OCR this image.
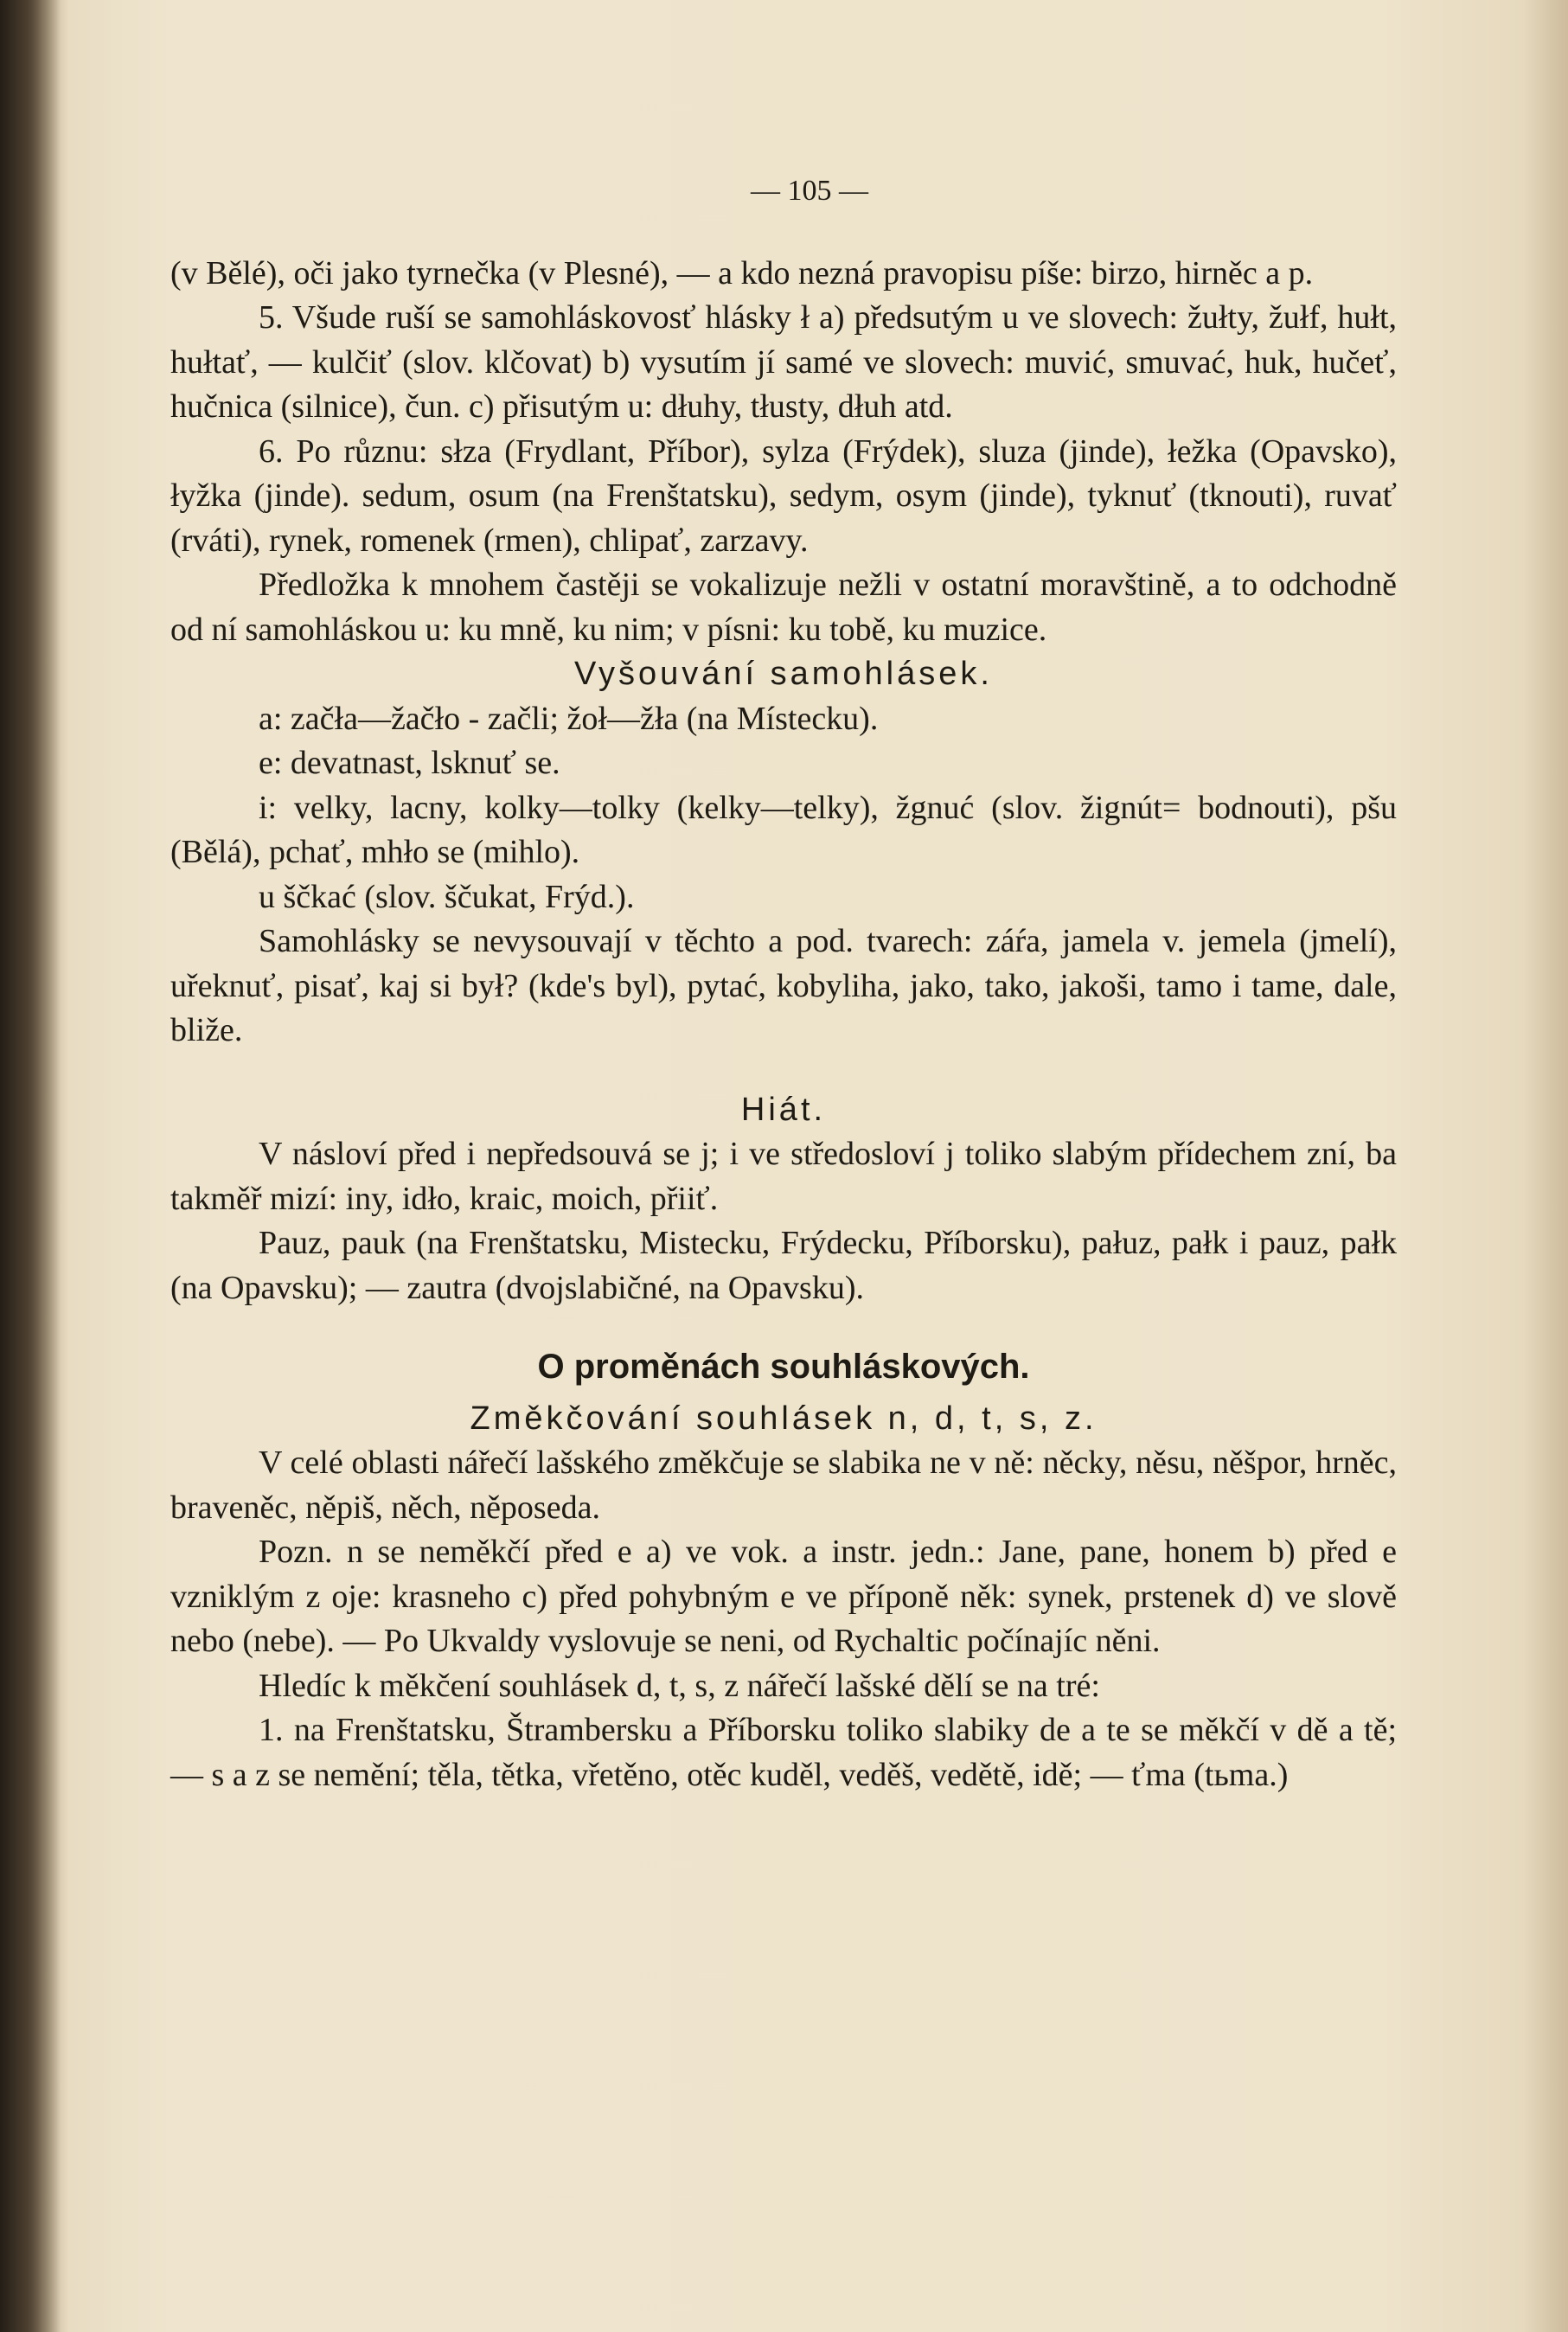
— 105 —

(v Bělé), oči jako tyrnečka (v Plesné), — a kdo nezná pravopisu píše: birzo, hirněc a p.

5. Všude ruší se samohláskovosť hlásky ł a) předsutým u ve slovech: žułty, žułf, hułt, hułtať, — kulčiť (slov. klčovat) b) vysutím jí samé ve slovech: muvić, smuvać, huk, hučeť, hučnica (silnice), čun. c) přisutým u: dłuhy, tłusty, dłuh atd.

6. Po různu: słza (Frydlant, Příbor), sylza (Frýdek), sluza (jinde), łežka (Opavsko), łyžka (jinde). sedum, osum (na Frenštatsku), sedym, osym (jinde), tyknuť (tknouti), ruvať (rváti), rynek, romenek (rmen), chlipať, zarzavy.

Předložka k mnohem častěji se vokalizuje nežli v ostatní moravštině, a to odchodně od ní samohláskou u: ku mně, ku nim; v písni: ku tobě, ku muzice.

Vyšouvání samohlásek.

a: začła—žačło - začli; žoł—žła (na Místecku).

e: devatnast, lsknuť se.

i: velky, lacny, kolky—tolky (kelky—telky), žgnuć (slov. žignút= bodnouti), pšu (Bělá), pchať, mhło se (mihlo).

u ščkać (slov. ščukat, Frýd.).

Samohlásky se nevysouvají v těchto a pod. tvarech: záŕa, jamela v. jemela (jmelí), uřeknuť, pisať, kaj si był? (kde's byl), pytać, kobyliha, jako, tako, jakoši, tamo i tame, dale, bliže.

Hiát.

V násloví před i nepředsouvá se j; i ve středosloví j toliko slabým přídechem zní, ba takměř mizí: iny, idło, kraic, moich, přiiť.

Pauz, pauk (na Frenštatsku, Mistecku, Frýdecku, Příborsku), pałuz, pałk i pauz, pałk (na Opavsku); — zautra (dvojslabičné, na Opavsku).

O proměnách souhláskových.

Změkčování souhlásek n, d, t, s, z.

V celé oblasti nářečí lašského změkčuje se slabika ne v ně: něcky, něsu, něšpor, hrněc, braveněc, něpiš, něch, něposeda.

Pozn. n se neměkčí před e a) ve vok. a instr. jedn.: Jane, pane, honem b) před e vzniklým z oje: krasneho c) před pohybným e ve příponě něk: synek, prstenek d) ve slově nebo (nebe). — Po Ukvaldy vyslovuje se neni, od Rychaltic počínajíc něni.

Hledíc k měkčení souhlásek d, t, s, z nářečí lašské dělí se na tré:

1. na Frenštatsku, Štrambersku a Příborsku toliko slabiky de a te se měkčí v dě a tě; — s a z se nemění; těla, tětka, vřetěno, otěc kuděl, veděš, vedětě, idě; — ťma (tьma.)
